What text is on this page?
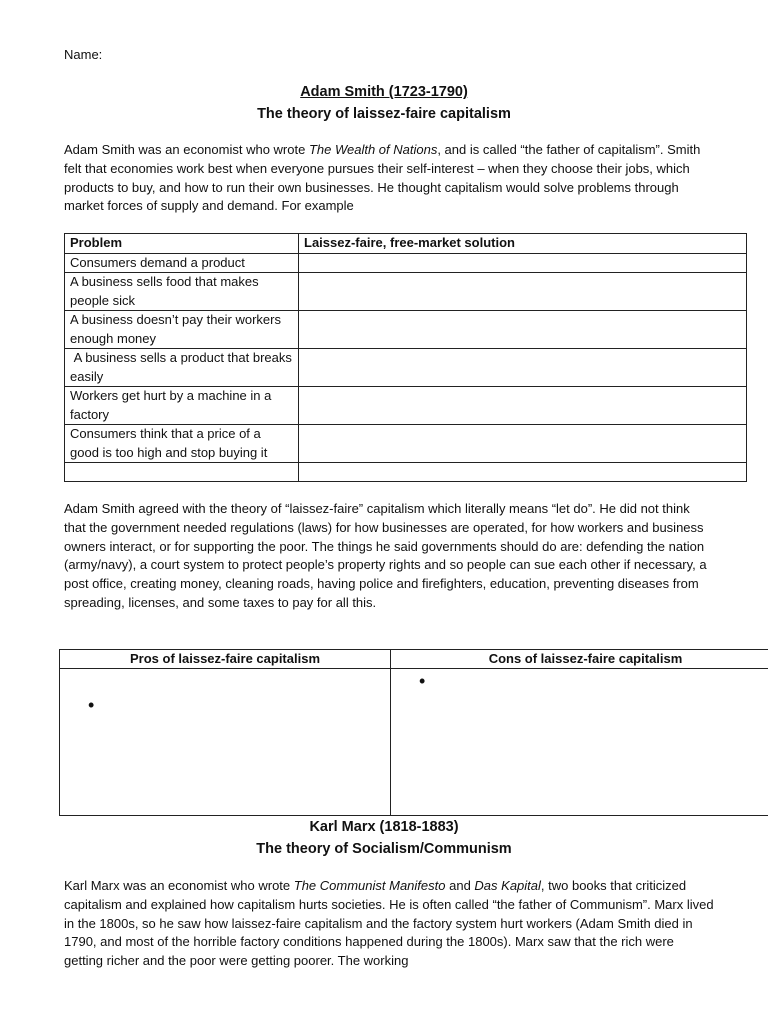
Name:
Adam Smith (1723-1790)
The theory of laissez-faire capitalism
Adam Smith was an economist who wrote The Wealth of Nations, and is called “the father of capitalism”. Smith felt that economies work best when everyone pursues their self-interest – when they choose their jobs, which products to buy, and how to run their own businesses. He thought capitalism would solve problems through market forces of supply and demand. For example
Problem	Laissez-faire, free-market solution
Consumers demand a product	
A business sells food that makes people sick	
A business doesn’t pay their workers enough money	
A business sells a product that breaks easily	
Workers get hurt by a machine in a factory	
Consumers think that a price of a good is too high and stop buying it	

Adam Smith agreed with the theory of “laissez-faire” capitalism which literally means “let do”. He did not think that the government needed regulations (laws) for how businesses are operated, for how workers and business owners interact, or for supporting the poor. The things he said governments should do are: defending the nation (army/navy), a court system to protect people’s property rights and so people can sue each other if necessary, a post office, creating money, cleaning roads, having police and firefighters, education, preventing diseases from spreading, licenses, and some taxes to pay for all this.
Pros of laissez-faire capitalism	Cons of laissez-faire capitalism

•	•
Karl Marx (1818-1883)
The theory of Socialism/Communism
Karl Marx was an economist who wrote The Communist Manifesto and Das Kapital, two books that criticized capitalism and explained how capitalism hurts societies. He is often called “the father of Communism”. Marx lived in the 1800s, so he saw how laissez-faire capitalism and the factory system hurt workers (Adam Smith died in 1790, and most of the horrible factory conditions happened during the 1800s). Marx saw that the rich were getting richer and the poor were getting poorer. The working
